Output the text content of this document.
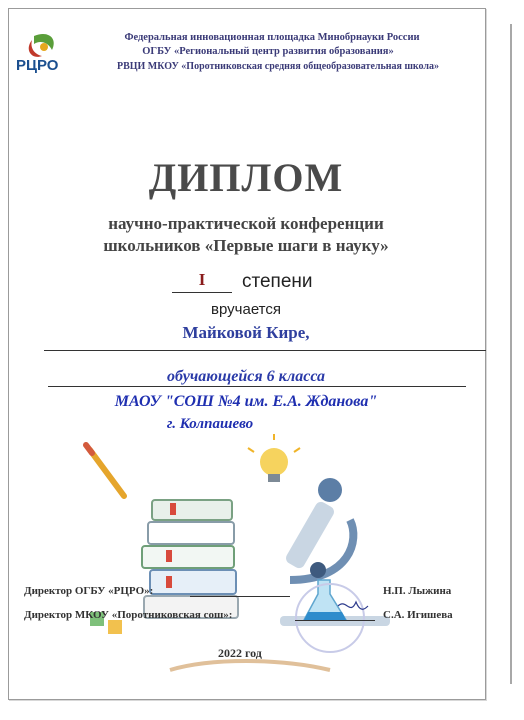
РЦРО
Федеральная инновационная площадка Минобрнауки России
ОГБУ «Региональный центр развития образования»
РВЦИ МКОУ «Поротниковская средняя общеобразовательная школа»
ДИПЛОМ
научно-практической конференции
школьников «Первые шаги в науку»
I	степени
вручается
Майковой Кире,
обучающейся 6 класса
МАОУ "СОШ №4 им. Е.А. Жданова"
г. Колпашево
Директор ОГБУ «РЦРО»:	Н.П. Лыжина
Директор МКОУ «Поротниковская сош»:	С.А. Игишева
2022 год
